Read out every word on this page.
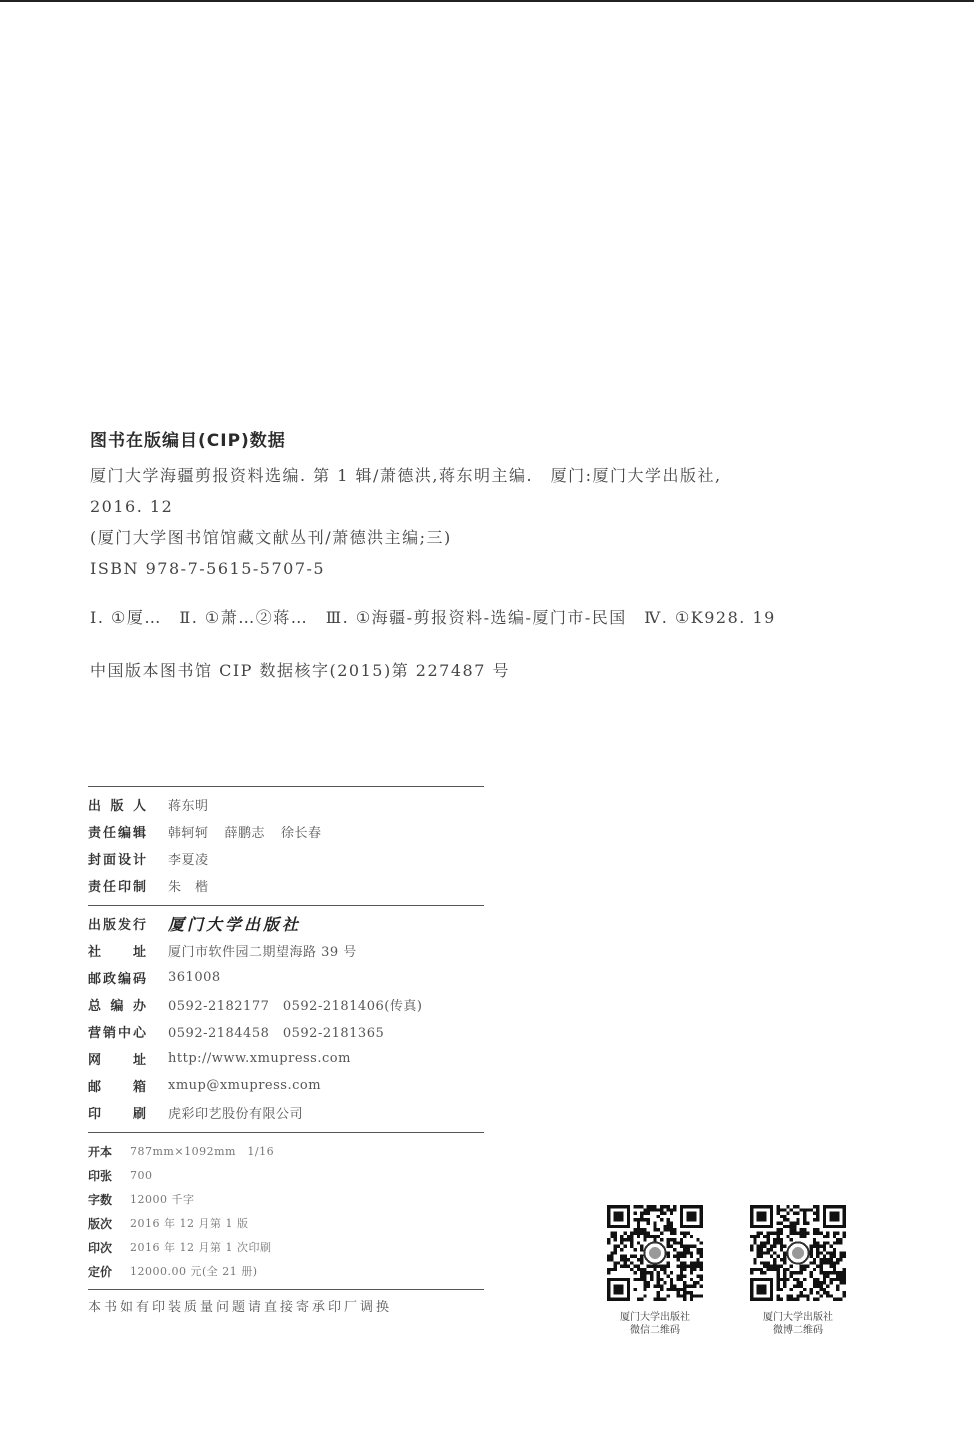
图书在版编目(CIP)数据
厦门大学海疆剪报资料选编. 第 1 辑/萧德洪,蒋东明主编.　厦门:厦门大学出版社,
2016. 12
(厦门大学图书馆馆藏文献丛刊/萧德洪主编;三)
ISBN 978-7-5615-5707-5
Ⅰ. ①厦…　Ⅱ. ①萧…②蒋…　Ⅲ. ①海疆-剪报资料-选编-厦门市-民国　Ⅳ. ①K928. 19
中国版本图书馆 CIP 数据核字(2015)第 227487 号
出 版 人	蒋东明
责任编辑	韩轲轲 薛鹏志 徐长春
封面设计	李夏凌
责任印制	朱　楷
出版发行 厦门大学出版社
社　　址	厦门市软件园二期望海路 39 号
邮政编码	361008
总 编 办	0592-2182177　0592-2181406(传真)
营销中心	0592-2184458　0592-2181365
网　　址	http://www.xmupress.com
邮　　箱	xmup@xmupress.com
印　　刷	虎彩印艺股份有限公司
开本	787mm×1092mm　1/16
印张	700
字数	12000 千字
版次	2016 年 12 月第 1 版
印次	2016 年 12 月第 1 次印刷
定价	12000.00 元(全 21 册)
本书如有印装质量问题请直接寄承印厂调换
厦门大学出版社
微信二维码
厦门大学出版社
微博二维码
